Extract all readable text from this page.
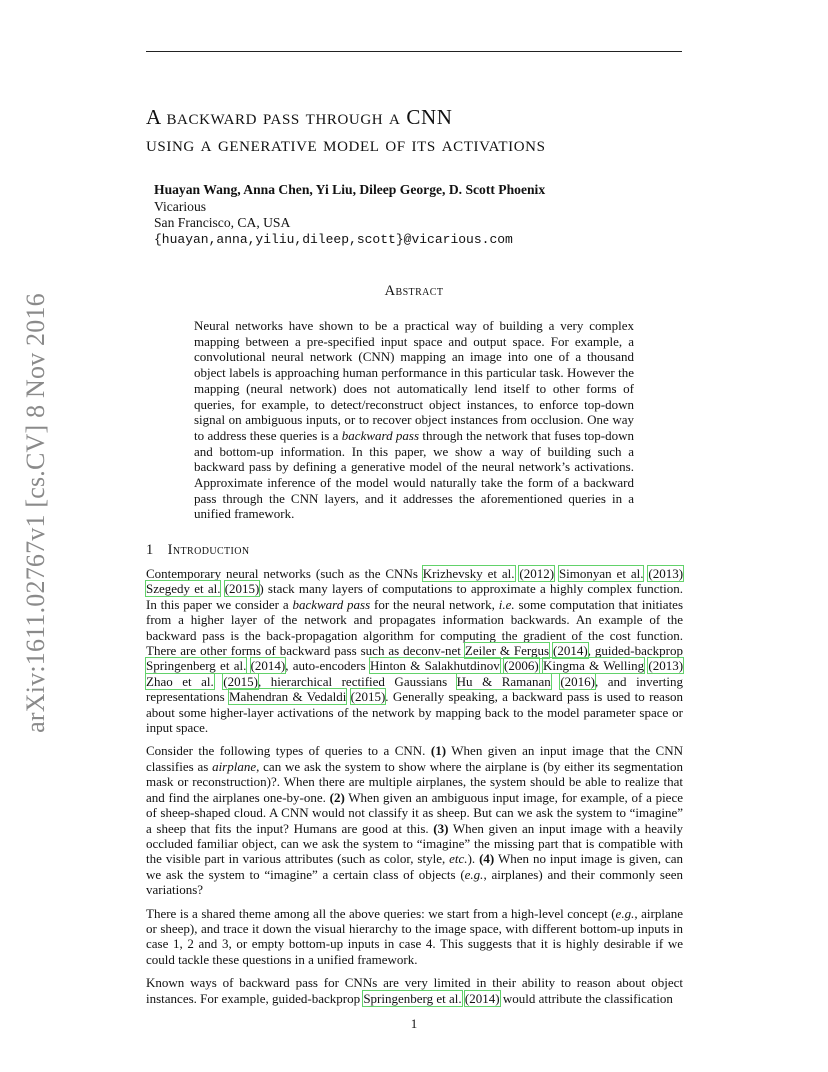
arXiv:1611.02767v1 [cs.CV] 8 Nov 2016
A backward pass through a CNN
using a generative model of its activations
Huayan Wang, Anna Chen, Yi Liu, Dileep George, D. Scott Phoenix
Vicarious
San Francisco, CA, USA
{huayan,anna,yiliu,dileep,scott}@vicarious.com
Abstract
Neural networks have shown to be a practical way of building a very complex mapping between a pre-specified input space and output space. For example, a convolutional neural network (CNN) mapping an image into one of a thousand object labels is approaching human performance in this particular task. However the mapping (neural network) does not automatically lend itself to other forms of queries, for example, to detect/reconstruct object instances, to enforce top-down signal on ambiguous inputs, or to recover object instances from occlusion. One way to address these queries is a backward pass through the network that fuses top-down and bottom-up information. In this paper, we show a way of building such a backward pass by defining a generative model of the neural network’s activations. Approximate inference of the model would naturally take the form of a backward pass through the CNN layers, and it addresses the aforementioned queries in a unified framework.
1 Introduction

Contemporary neural networks (such as the CNNs Krizhevsky et al. (2012) Simonyan et al. (2013) Szegedy et al. (2015)) stack many layers of computations to approximate a highly complex function. In this paper we consider a backward pass for the neural network, i.e. some computation that initiates from a higher layer of the network and propagates information backwards. An example of the backward pass is the back-propagation algorithm for computing the gradient of the cost function. There are other forms of backward pass such as deconv-net Zeiler & Fergus (2014), guided-backprop Springenberg et al. (2014), auto-encoders Hinton & Salakhutdinov (2006) Kingma & Welling (2013) Zhao et al. (2015), hierarchical rectified Gaussians Hu & Ramanan (2016), and inverting representations Mahendran & Vedaldi (2015). Generally speaking, a backward pass is used to reason about some higher-layer activations of the network by mapping back to the model parameter space or input space.

Consider the following types of queries to a CNN. (1) When given an input image that the CNN classifies as airplane, can we ask the system to show where the airplane is (by either its segmentation mask or reconstruction)?. When there are multiple airplanes, the system should be able to realize that and find the airplanes one-by-one. (2) When given an ambiguous input image, for example, of a piece of sheep-shaped cloud. A CNN would not classify it as sheep. But can we ask the system to “imagine” a sheep that fits the input? Humans are good at this. (3) When given an input image with a heavily occluded familiar object, can we ask the system to “imagine” the missing part that is compatible with the visible part in various attributes (such as color, style, etc.). (4) When no input image is given, can we ask the system to “imagine” a certain class of objects (e.g., airplanes) and their commonly seen variations?

There is a shared theme among all the above queries: we start from a high-level concept (e.g., airplane or sheep), and trace it down the visual hierarchy to the image space, with different bottom-up inputs in case 1, 2 and 3, or empty bottom-up inputs in case 4. This suggests that it is highly desirable if we could tackle these questions in a unified framework.

Known ways of backward pass for CNNs are very limited in their ability to reason about object instances. For example, guided-backprop Springenberg et al. (2014) would attribute the classification

1
